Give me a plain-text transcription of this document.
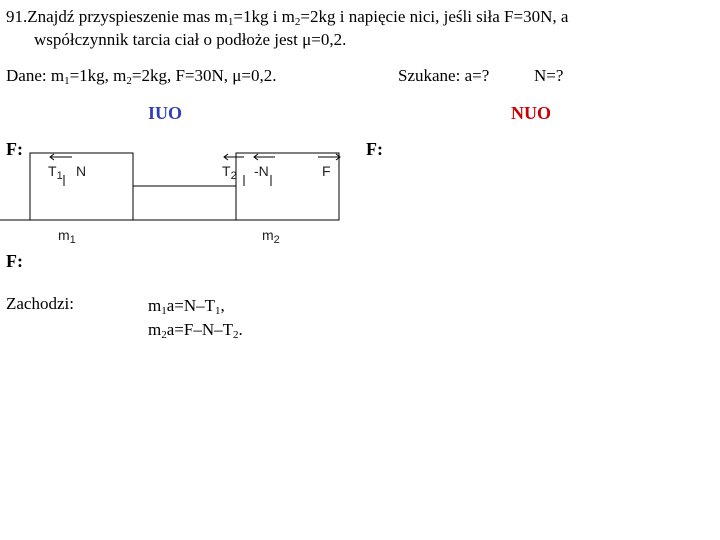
91.Znajdź przyspieszenie mas $m_1=1kg$ i $m_2=2kg$ i napięcie nici, jeśli siła F=30N, a
współczynnik tarcia ciał o podłoże jest μ=0,2.
Dane: $m_1=1kg$, $m_2=2kg$, F=30N, μ=0,2.	Szukane: a=?	N=?
IUO	NUO
F:	F:
F:
$T_1$ N	$T_2$ -N	F
$m_1$	$m_2$
Zachodzi:	$m_1a=N-T_1$,
$m_2a=F-N-T_2$.
